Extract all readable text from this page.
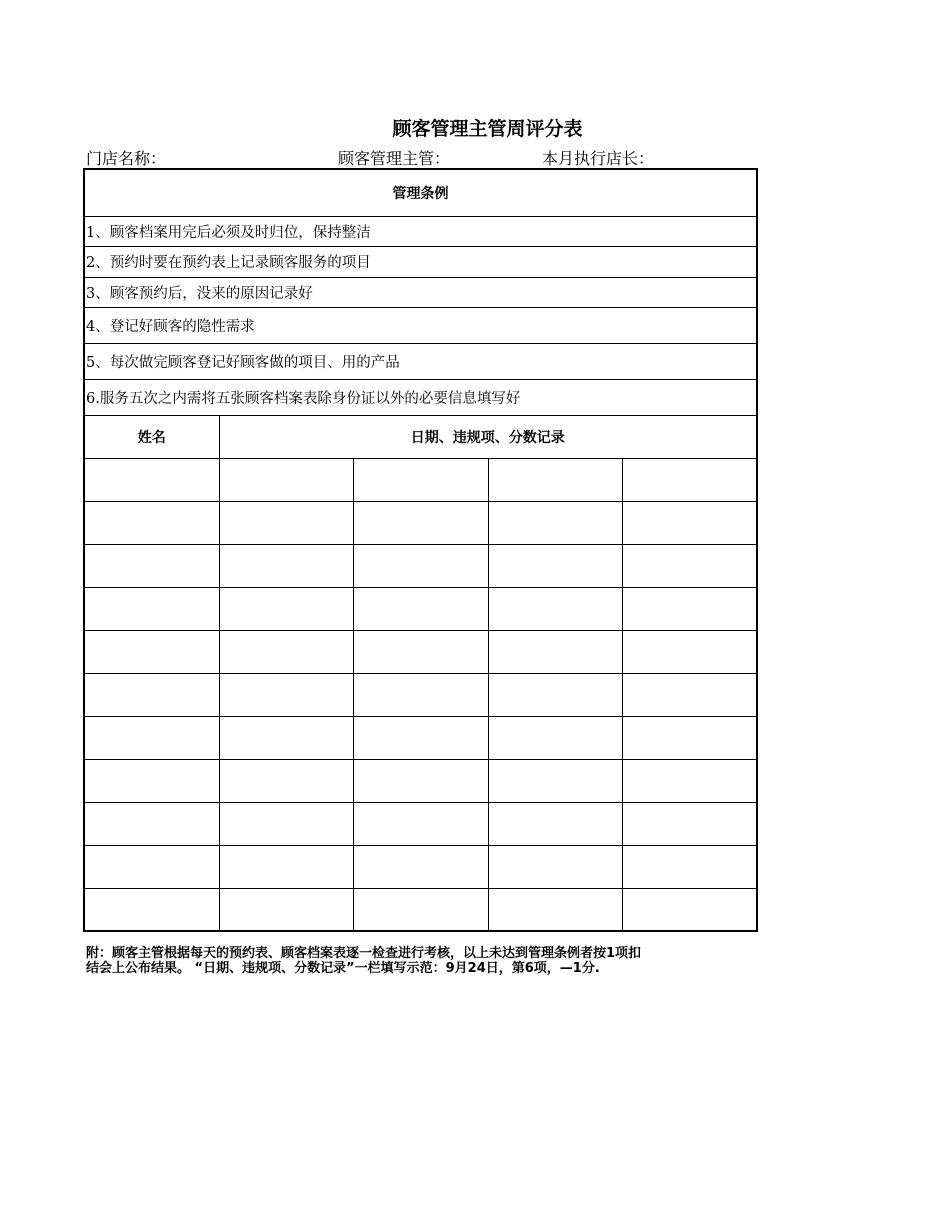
顾客管理主管周评分表
门店名称：	顾客管理主管：	本月执行店长：
管理条例				
1、顾客档案用完后必须及时归位，保持整洁				
2、预约时要在预约表上记录顾客服务的项目				
3、顾客预约后，没来的原因记录好				
4、登记好顾客的隐性需求				
5、每次做完顾客登记好顾客做的项目、用的产品				
6.服务五次之内需将五张顾客档案表除身份证以外的必要信息填写好				
姓名	日期、违规项、分数记录			

附：顾客主管根据每天的预约表、顾客档案表逐一检查进行考核，以上未达到管理条例者按1项扣
结会上公布结果。 “日期、违规项、分数记录”一栏填写示范：9月24日，第6项，—1分.
